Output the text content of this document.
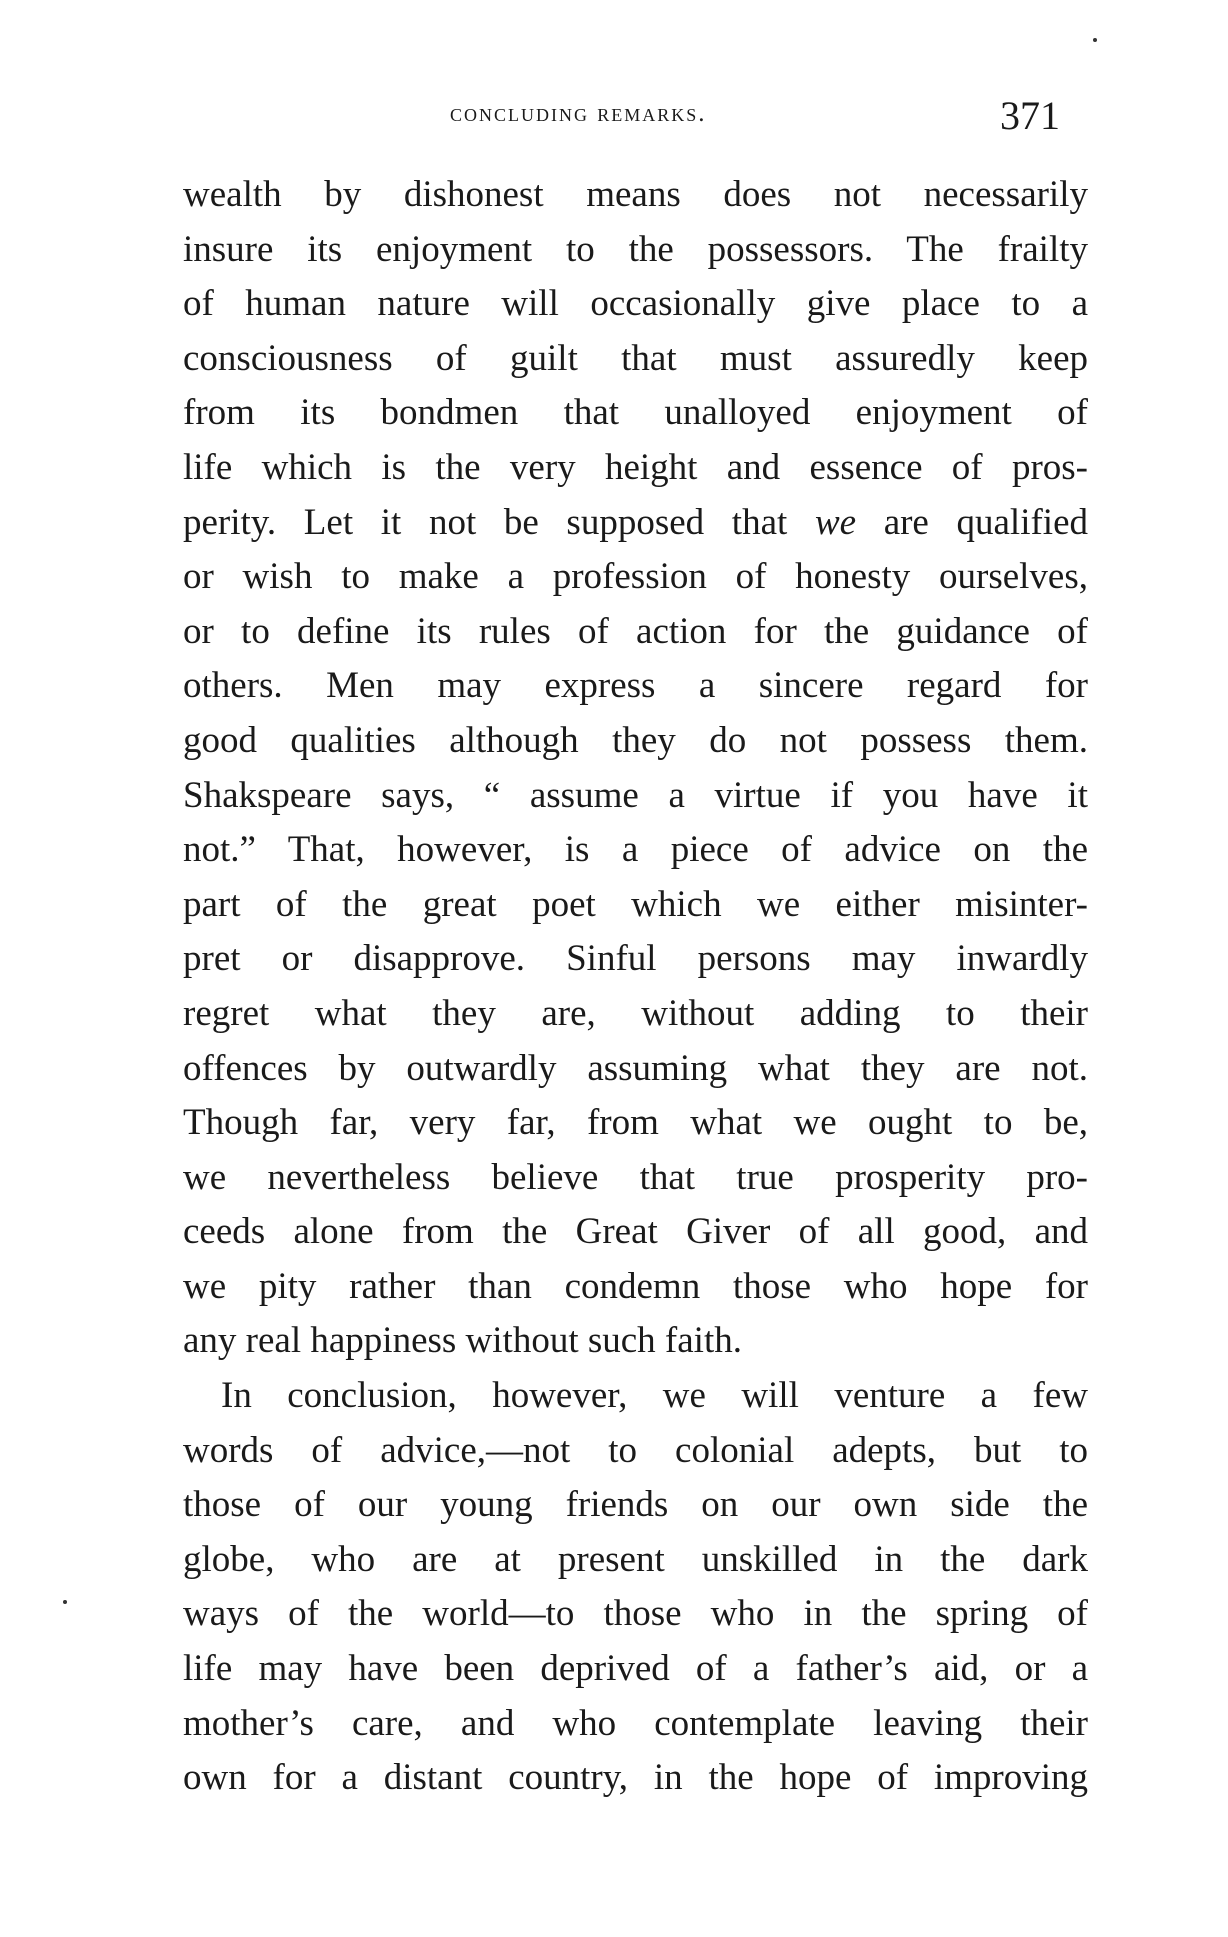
concluding remarks.	371
wealth by dishonest means does not necessarily
insure its enjoyment to the possessors. The frailty
of human nature will occasionally give place to a
consciousness of guilt that must assuredly keep
from its bondmen that unalloyed enjoyment of
life which is the very height and essence of pros-
perity. Let it not be supposed that we are qualified
or wish to make a profession of honesty ourselves,
or to define its rules of action for the guidance of
others. Men may express a sincere regard for
good qualities although they do not possess them.
Shakspeare says, “ assume a virtue if you have it
not.” That, however, is a piece of advice on the
part of the great poet which we either misinter-
pret or disapprove. Sinful persons may inwardly
regret what they are, without adding to their
offences by outwardly assuming what they are not.
Though far, very far, from what we ought to be,
we nevertheless believe that true prosperity pro-
ceeds alone from the Great Giver of all good, and
we pity rather than condemn those who hope for
any real happiness without such faith.
In conclusion, however, we will venture a few
words of advice,—not to colonial adepts, but to
those of our young friends on our own side the
globe, who are at present unskilled in the dark
ways of the world—to those who in the spring of
life may have been deprived of a father’s aid, or a
mother’s care, and who contemplate leaving their
own for a distant country, in the hope of improving
